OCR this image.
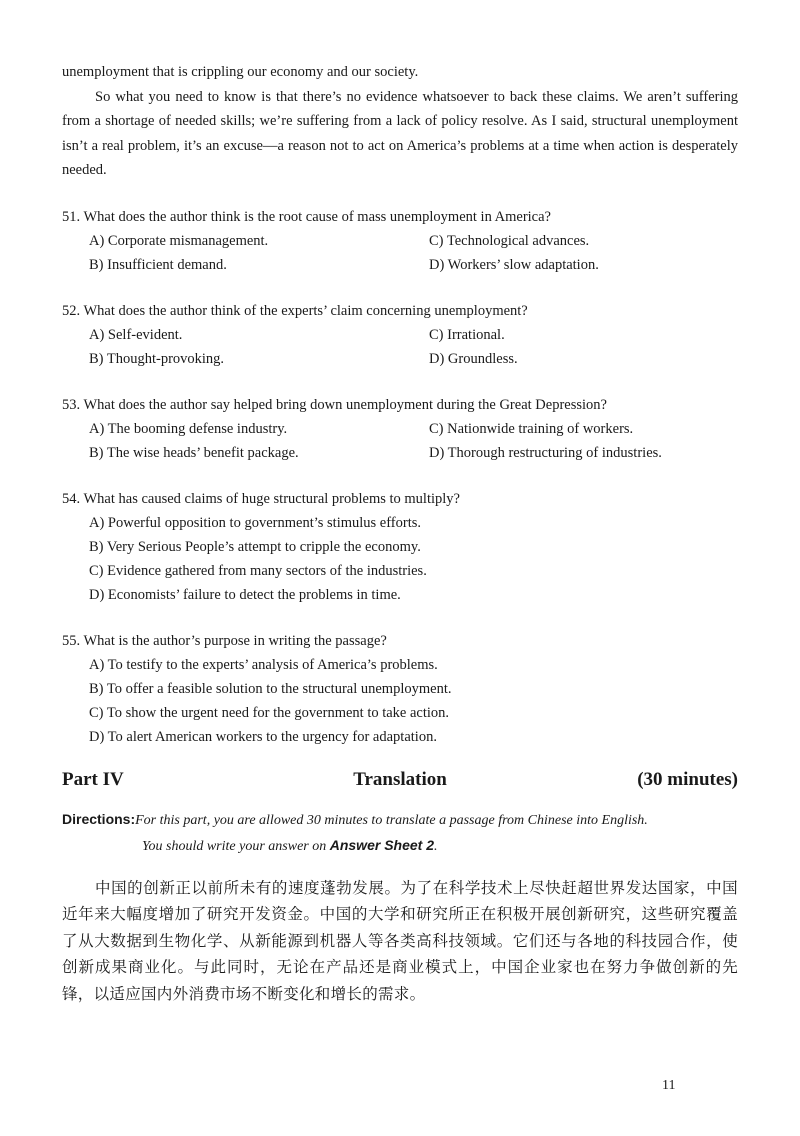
unemployment that is crippling our economy and our society.

So what you need to know is that there’s no evidence whatsoever to back these claims. We aren’t suffering from a shortage of needed skills; we’re suffering from a lack of policy resolve. As I said, structural unemployment isn’t a real problem, it’s an excuse—a reason not to act on America’s problems at a time when action is desperately needed.

51. What does the author think is the root cause of mass unemployment in America?
A) Corporate mismanagement.	C) Technological advances.
B) Insufficient demand.	D) Workers’ slow adaptation.
52. What does the author think of the experts’ claim concerning unemployment?
A) Self-evident.	C) Irrational.
B) Thought-provoking.	D) Groundless.
53. What does the author say helped bring down unemployment during the Great Depression?
A) The booming defense industry.	C) Nationwide training of workers.
B) The wise heads’ benefit package.	D) Thorough restructuring of industries.
54. What has caused claims of huge structural problems to multiply?
A) Powerful opposition to government’s stimulus efforts.
B) Very Serious People’s attempt to cripple the economy.
C) Evidence gathered from many sectors of the industries.
D) Economists’ failure to detect the problems in time.
55. What is the author’s purpose in writing the passage?
A) To testify to the experts’ analysis of America’s problems.
B) To offer a feasible solution to the structural unemployment.
C) To show the urgent need for the government to take action.
D) To alert American workers to the urgency for adaptation.
Part IV	Translation	(30 minutes)
Directions:For this part, you are allowed 30 minutes to translate a passage from Chinese into English.
You should write your answer on Answer Sheet 2.
中国的创新正以前所未有的速度蓬勃发展。为了在科学技术上尽快赶超世界发达国家，中国近年来大幅度增加了研究开发资金。中国的大学和研究所正在积极开展创新研究，这些研究覆盖了从大数据到生物化学、从新能源到机器人等各类高科技领域。它们还与各地的科技园合作，使创新成果商业化。与此同时，无论在产品还是商业模式上，中国企业家也在努力争做创新的先锋，以适应国内外消费市场不断变化和增长的需求。
11
